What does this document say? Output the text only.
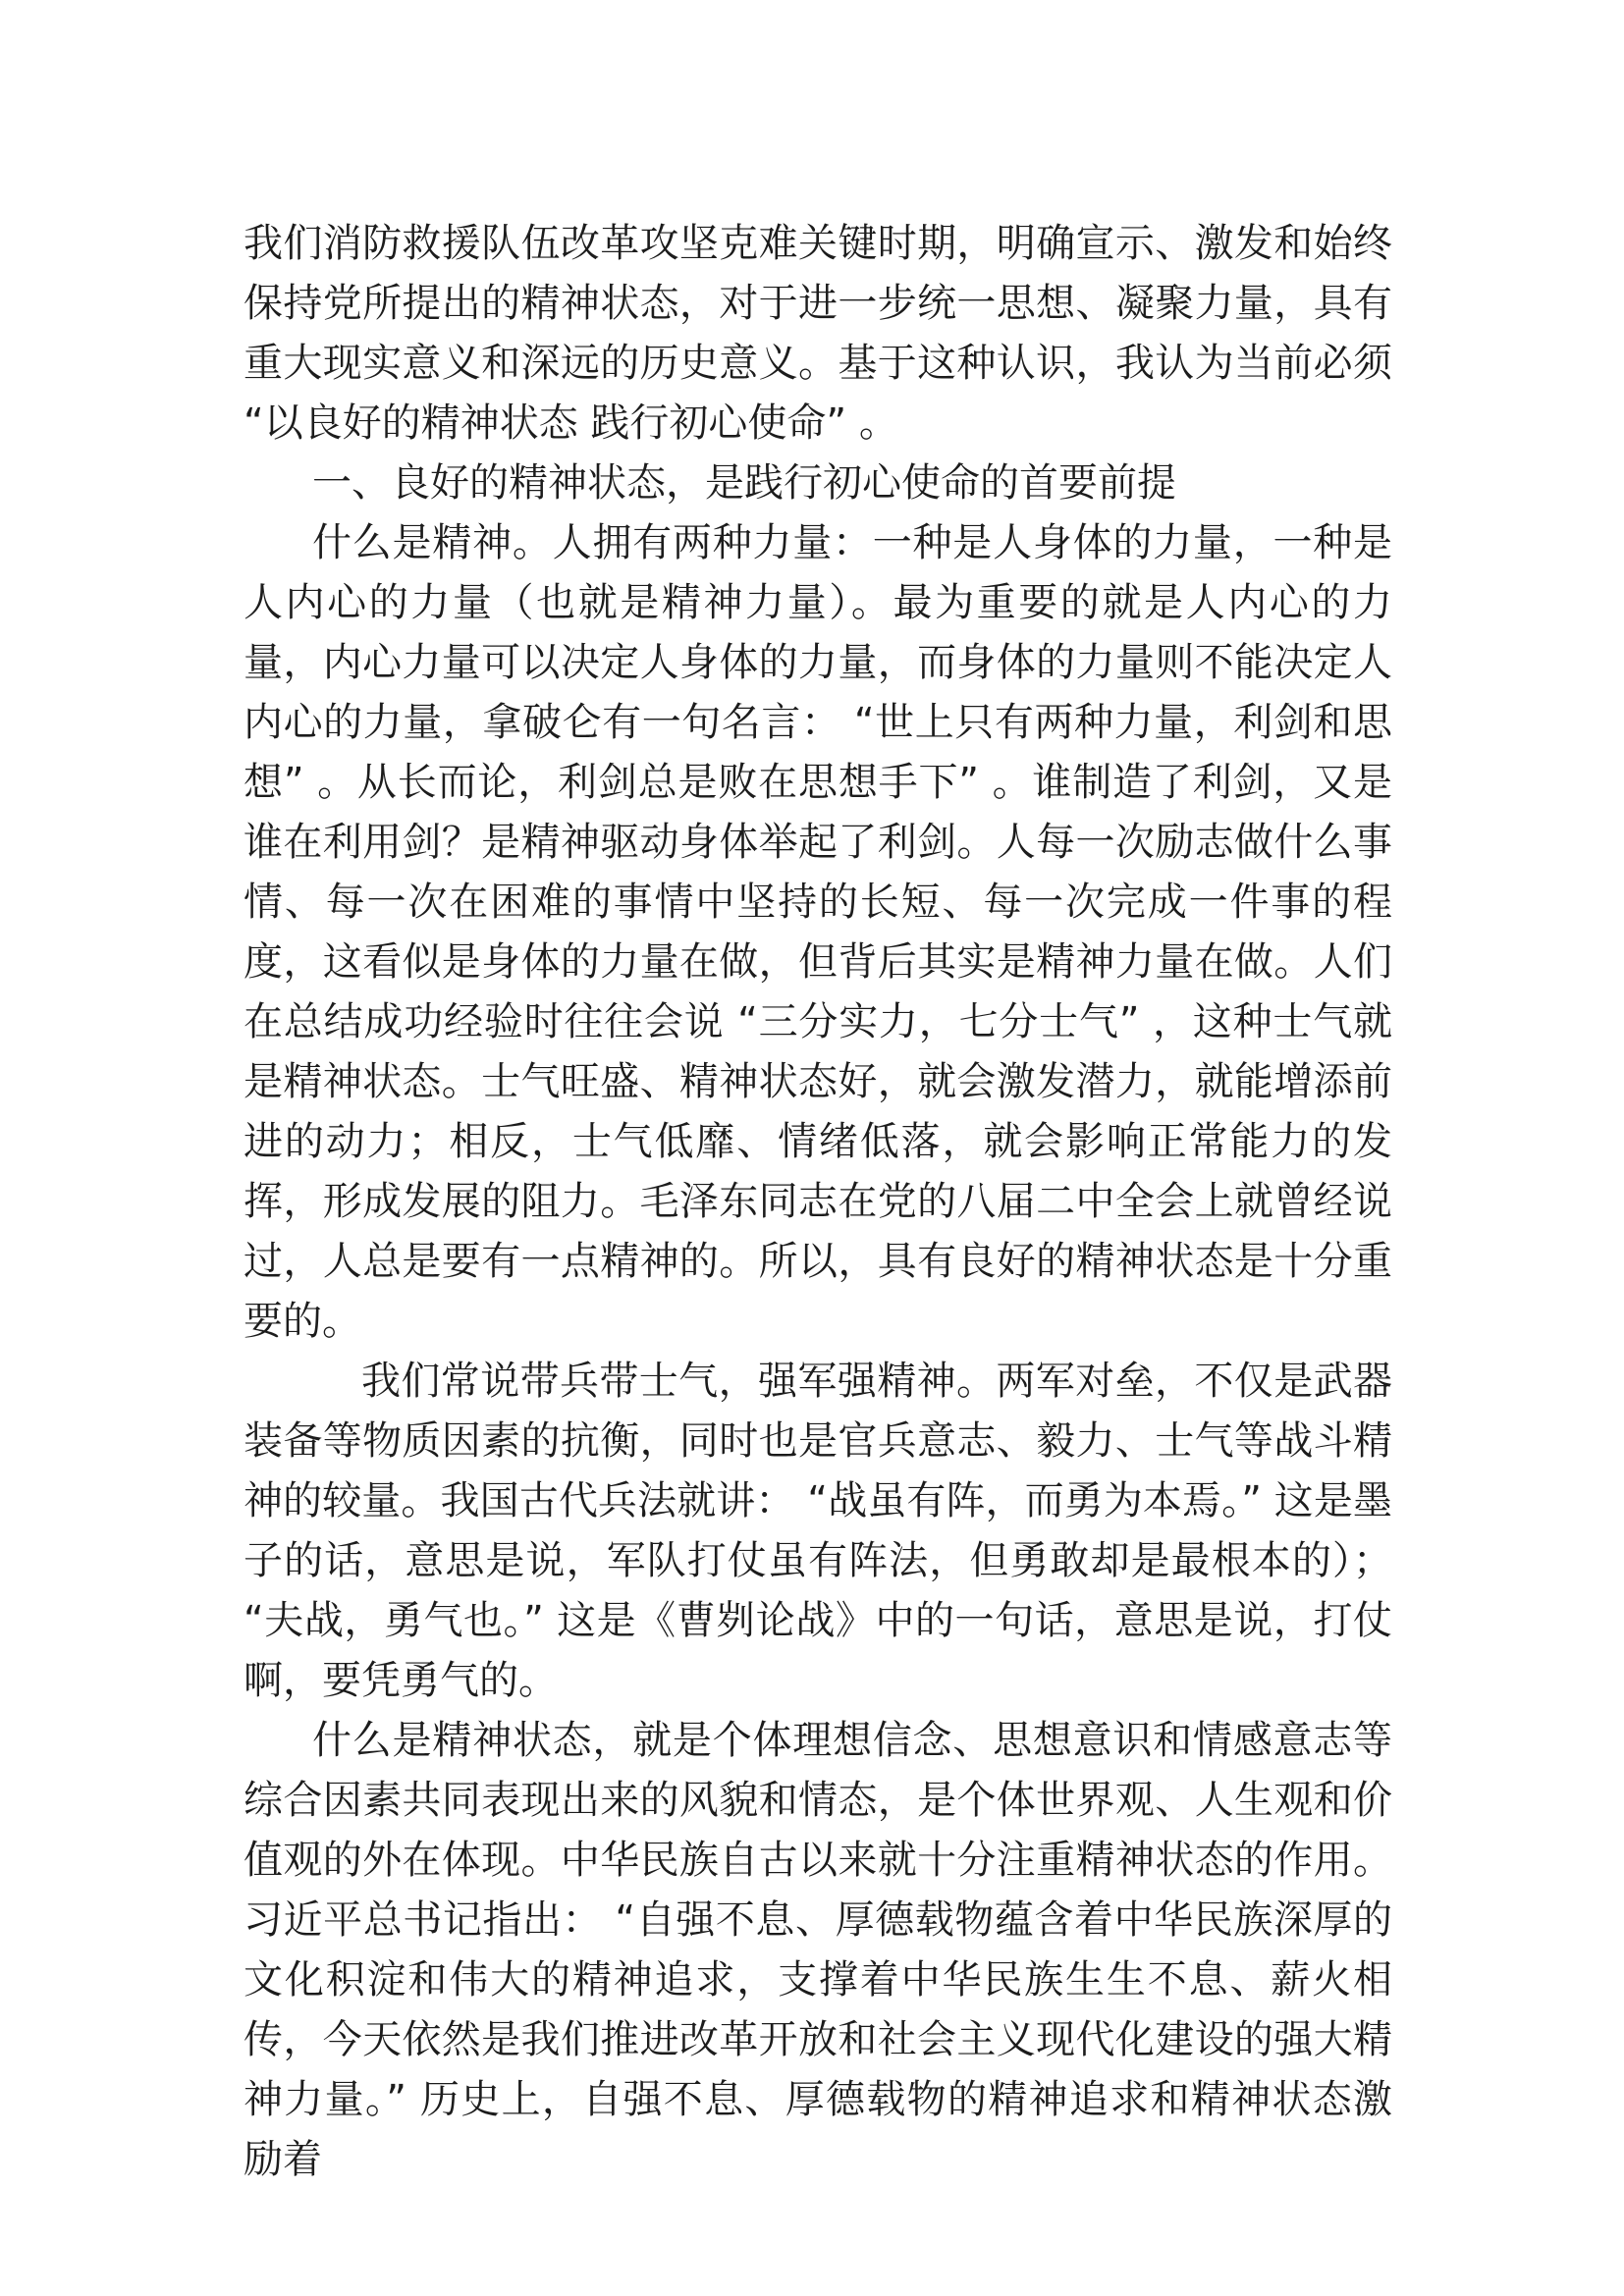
我们消防救援队伍改革攻坚克难关键时期，明确宣示、激发和始终保持党所提出的精神状态，对于进一步统一思想、凝聚力量，具有重大现实意义和深远的历史意义。基于这种认识，我认为当前必须 “以良好的精神状态 践行初心使命” 。

一、良好的精神状态，是践行初心使命的首要前提

什么是精神。人拥有两种力量：一种是人身体的力量，一种是人内心的力量（也就是精神力量）。最为重要的就是人内心的力量，内心力量可以决定人身体的力量，而身体的力量则不能决定人内心的力量，拿破仑有一句名言： “世上只有两种力量，利剑和思想” 。从长而论，利剑总是败在思想手下” 。谁制造了利剑，又是谁在利用剑？是精神驱动身体举起了利剑。人每一次励志做什么事情、每一次在困难的事情中坚持的长短、每一次完成一件事的程度，这看似是身体的力量在做，但背后其实是精神力量在做。人们在总结成功经验时往往会说 “三分实力，七分士气” ，这种士气就是精神状态。士气旺盛、精神状态好，就会激发潜力，就能增添前进的动力；相反，士气低靡、情绪低落，就会影响正常能力的发挥，形成发展的阻力。毛泽东同志在党的八届二中全会上就曾经说过，人总是要有一点精神的。所以，具有良好的精神状态是十分重要的。

我们常说带兵带士气，强军强精神。两军对垒，不仅是武器装备等物质因素的抗衡，同时也是官兵意志、毅力、士气等战斗精神的较量。我国古代兵法就讲： “战虽有阵，而勇为本焉。” 这是墨子的话，意思是说，军队打仗虽有阵法，但勇敢却是最根本的）； “夫战，勇气也。” 这是《曹刿论战》中的一句话，意思是说，打仗啊，要凭勇气的。

什么是精神状态，就是个体理想信念、思想意识和情感意志等综合因素共同表现出来的风貌和情态，是个体世界观、人生观和价值观的外在体现。中华民族自古以来就十分注重精神状态的作用。习近平总书记指出： “自强不息、厚德载物蕴含着中华民族深厚的文化积淀和伟大的精神追求，支撑着中华民族生生不息、薪火相传，今天依然是我们推进改革开放和社会主义现代化建设的强大精神力量。” 历史上，自强不息、厚德载物的精神追求和精神状态激励着
